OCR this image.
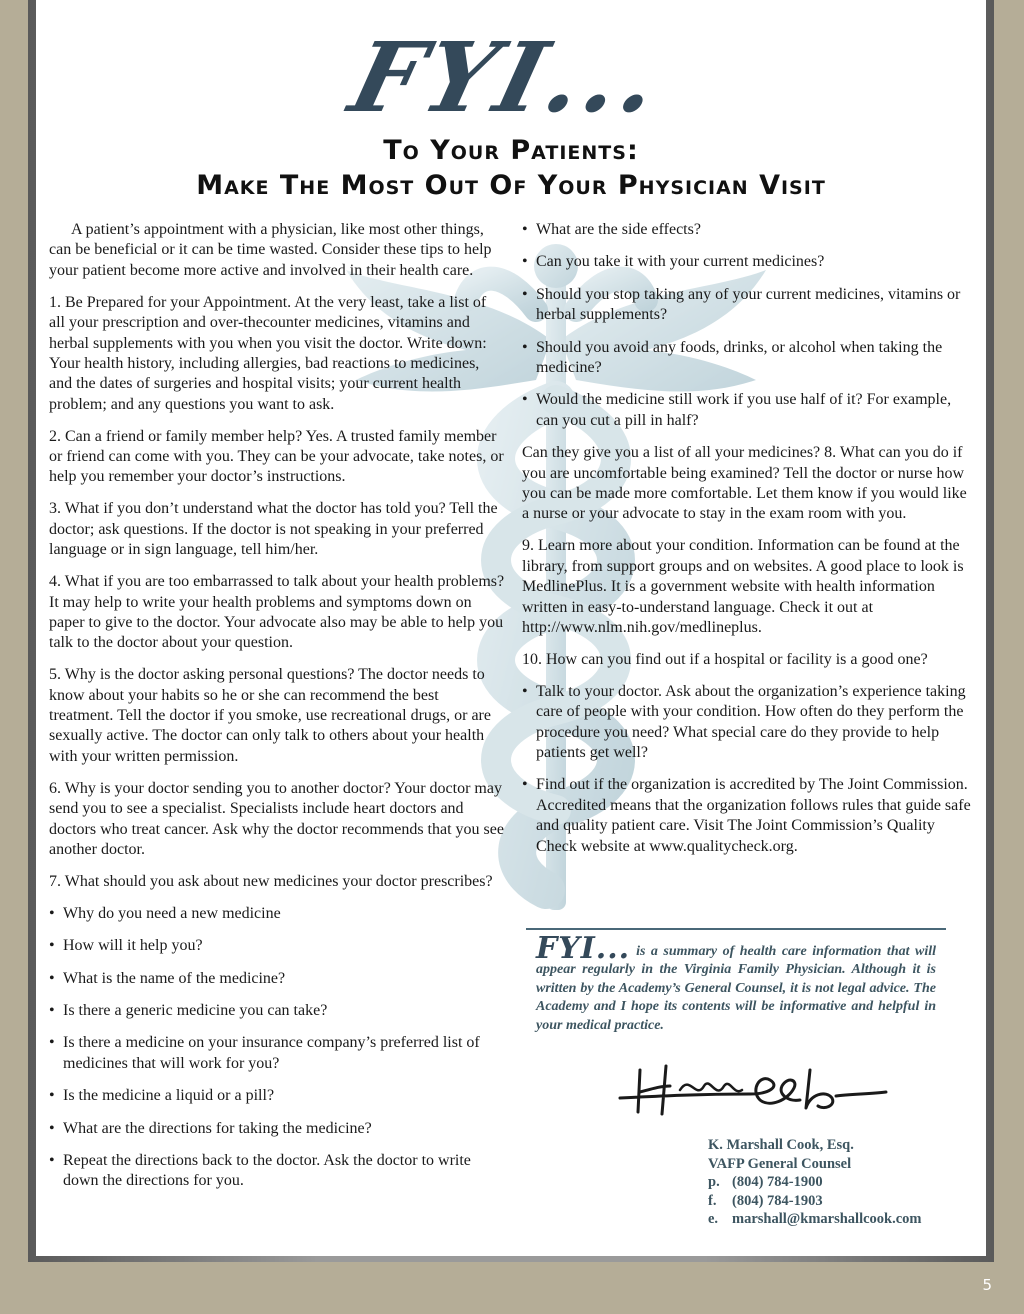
FYI...
To Your Patients:
Make The Most Out Of Your Physician Visit

A patient’s appointment with a physician, like most other things, can be beneficial or it can be time wasted. Consider these tips to help your patient become more active and involved in their health care.

1. Be Prepared for your Appointment. At the very least, take a list of all your prescription and over-thecounter medicines, vitamins and herbal supplements with you when you visit the doctor. Write down: Your health history, including allergies, bad reactions to medicines, and the dates of surgeries and hospital visits; your current health problem; and any questions you want to ask.

2. Can a friend or family member help? Yes. A trusted family member or friend can come with you. They can be your advocate, take notes, or help you remember your doctor’s instructions.

3. What if you don’t understand what the doctor has told you? Tell the doctor; ask questions. If the doctor is not speaking in your preferred language or in sign language, tell him/her.

4. What if you are too embarrassed to talk about your health problems? It may help to write your health problems and symptoms down on paper to give to the doctor. Your advocate also may be able to help you talk to the doctor about your question.

5. Why is the doctor asking personal questions? The doctor needs to know about your habits so he or she can recommend the best treatment. Tell the doctor if you smoke, use recreational drugs, or are sexually active. The doctor can only talk to others about your health with your written permission.

6. Why is your doctor sending you to another doctor? Your doctor may send you to see a specialist. Specialists include heart doctors and doctors who treat cancer. Ask why the doctor recommends that you see another doctor.

7. What should you ask about new medicines your doctor prescribes?

• Why do you need a new medicine
• How will it help you?
• What is the name of the medicine?
• Is there a generic medicine you can take?
• Is there a medicine on your insurance company’s preferred list of medicines that will work for you?
• Is the medicine a liquid or a pill?
• What are the directions for taking the medicine?
• Repeat the directions back to the doctor. Ask the doctor to write down the directions for you.
• What are the side effects?
• Can you take it with your current medicines?
• Should you stop taking any of your current medicines, vitamins or herbal supplements?
• Should you avoid any foods, drinks, or alcohol when taking the medicine?
• Would the medicine still work if you use half of it? For example, can you cut a pill in half?

Can they give you a list of all your medicines? 8. What can you do if you are uncomfortable being examined? Tell the doctor or nurse how you can be made more comfortable. Let them know if you would like a nurse or your advocate to stay in the exam room with you.

9. Learn more about your condition. Information can be found at the library, from support groups and on websites. A good place to look is MedlinePlus. It is a government website with health information written in easy-to-understand language. Check it out at http://www.nlm.nih.gov/medlineplus.

10. How can you find out if a hospital or facility is a good one?

• Talk to your doctor. Ask about the organization’s experience taking care of people with your condition. How often do they perform the procedure you need? What special care do they provide to help patients get well?
• Find out if the organization is accredited by The Joint Commission. Accredited means that the organization follows rules that guide safe and quality patient care. Visit The Joint Commission’s Quality Check website at www.qualitycheck.org.
FYI... is a summary of health care information that will appear regularly in the Virginia Family Physician. Although it is written by the Academy’s General Counsel, it is not legal advice. The Academy and I hope its contents will be informative and helpful in your medical practice.
K. Marshall Cook, Esq.
VAFP General Counsel
p. (804) 784-1900
f. (804) 784-1903
e. marshall@kmarshallcook.com
5
